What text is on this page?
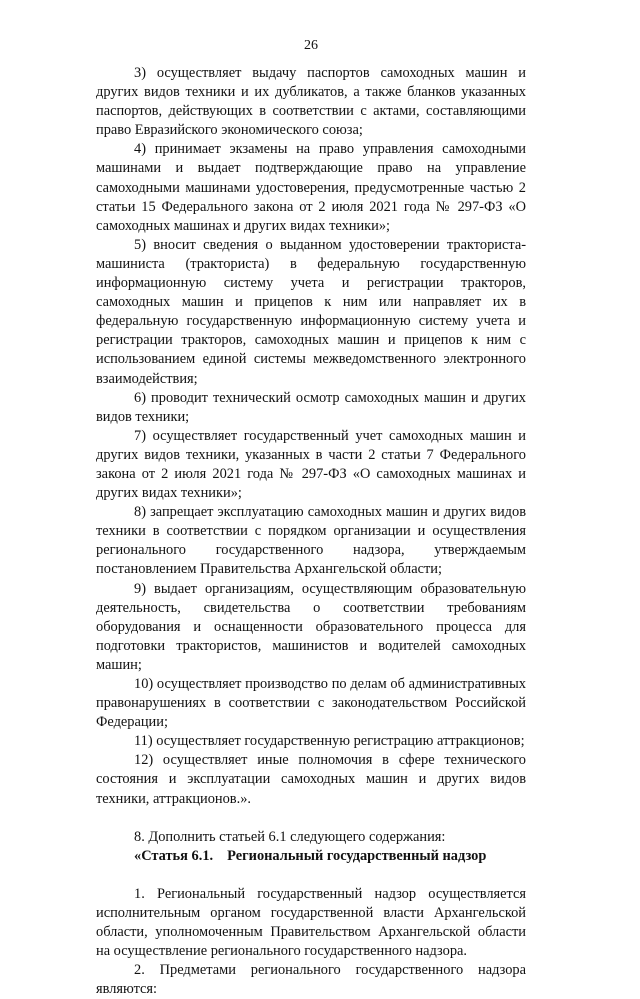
26

3) осуществляет выдачу паспортов самоходных машин и других видов техники и их дубликатов, а также бланков указанных паспортов, действующих в соответствии с актами, составляющими право Евразийского экономического союза;

4) принимает экзамены на право управления самоходными машинами и выдает подтверждающие право на управление самоходными машинами удостоверения, предусмотренные частью 2 статьи 15 Федерального закона от 2 июля 2021 года № 297-ФЗ «О самоходных машинах и других видах техники»;

5) вносит сведения о выданном удостоверении тракториста-машиниста (тракториста) в федеральную государственную информационную систему учета и регистрации тракторов, самоходных машин и прицепов к ним или направляет их в федеральную государственную информационную систему учета и регистрации тракторов, самоходных машин и прицепов к ним с использованием единой системы межведомственного электронного взаимодействия;

6) проводит технический осмотр самоходных машин и других видов техники;

7) осуществляет государственный учет самоходных машин и других видов техники, указанных в части 2 статьи 7 Федерального закона от 2 июля 2021 года № 297-ФЗ «О самоходных машинах и других видах техники»;

8) запрещает эксплуатацию самоходных машин и других видов техники в соответствии с порядком организации и осуществления регионального государственного надзора, утверждаемым постановлением Правительства Архангельской области;

9) выдает организациям, осуществляющим образовательную деятельность, свидетельства о соответствии требованиям оборудования и оснащенности образовательного процесса для подготовки трактористов, машинистов и водителей самоходных машин;

10) осуществляет производство по делам об административных правонарушениях в соответствии с законодательством Российской Федерации;

11) осуществляет государственную регистрацию аттракционов;

12) осуществляет иные полномочия в сфере технического состояния и эксплуатации самоходных машин и других видов техники, аттракционов.».

8. Дополнить статьей 6.1 следующего содержания:

«Статья 6.1. Региональный государственный надзор

1. Региональный государственный надзор осуществляется исполнительным органом государственной власти Архангельской области, уполномоченным Правительством Архангельской области на осуществление регионального государственного надзора.

2. Предметами регионального государственного надзора являются:
